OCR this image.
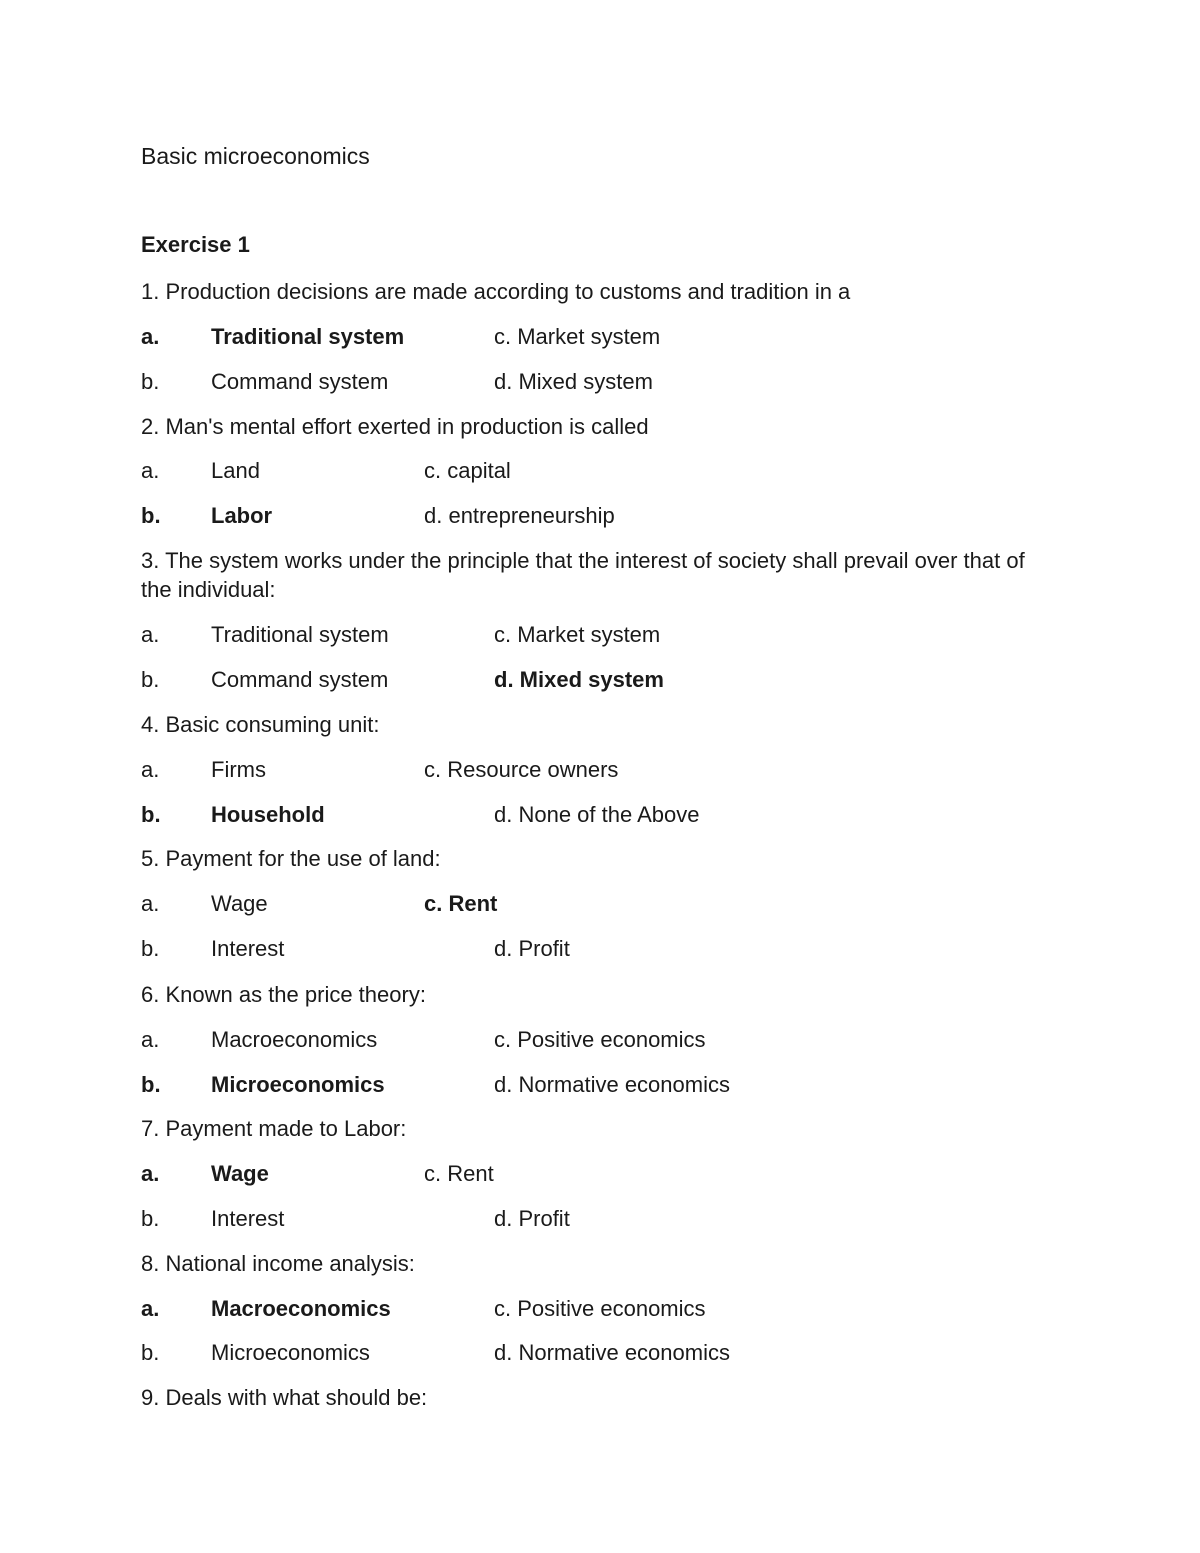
Basic microeconomics
Exercise 1
1. Production decisions are made according to customs and tradition in a
a. Traditional system	c. Market system
b. Command system	d. Mixed system
2. Man's mental effort exerted in production is called
a. Land	c. capital
b. Labor	d. entrepreneurship
3. The system works under the principle that the interest of society shall prevail over that of the individual:
a. Traditional system	c. Market system
b. Command system	d. Mixed system
4. Basic consuming unit:
a. Firms	c. Resource owners
b. Household	d. None of the Above
5. Payment for the use of land:
a. Wage	c. Rent
b. Interest	d. Profit
6. Known as the price theory:
a. Macroeconomics	c. Positive economics
b. Microeconomics	d. Normative economics
7. Payment made to Labor:
a. Wage	c. Rent
b. Interest	d. Profit
8. National income analysis:
a. Macroeconomics	c. Positive economics
b. Microeconomics	d. Normative economics
9. Deals with what should be:
